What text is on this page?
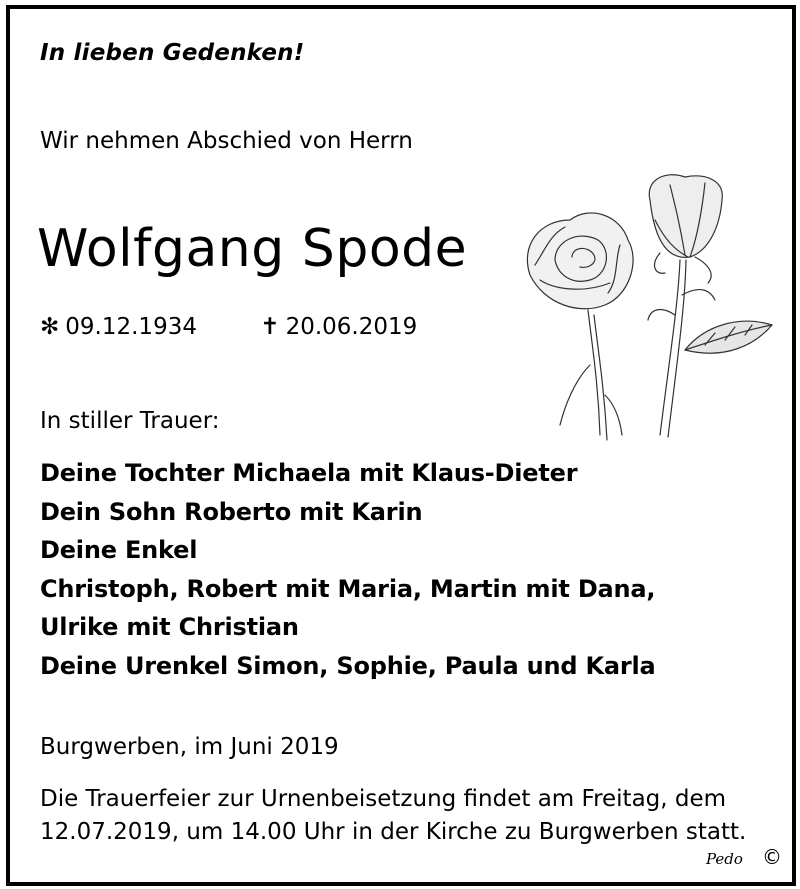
In lieben Gedenken!
Wir nehmen Abschied von Herrn
Wolfgang Spode
✻ 09.12.1934	✝ 20.06.2019
In stiller Trauer:
Deine Tochter Michaela mit Klaus-Dieter
Dein Sohn Roberto mit Karin
Deine Enkel
Christoph, Robert mit Maria, Martin mit Dana,
Ulrike mit Christian
Deine Urenkel Simon, Sophie, Paula und Karla
Burgwerben, im Juni 2019
Die Trauerfeier zur Urnenbeisetzung findet am Freitag, dem
12.07.2019, um 14.00 Uhr in der Kirche zu Burgwerben statt.
Pedo ©
